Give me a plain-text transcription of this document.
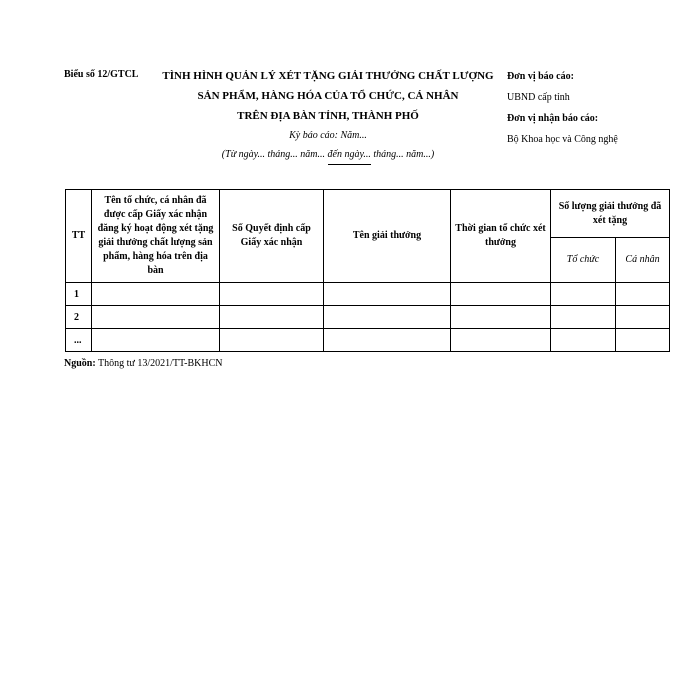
Biểu số 12/GTCL	TÌNH HÌNH QUẢN LÝ XÉT TẶNG GIẢI THƯỞNG CHẤT LƯỢNG
SẢN PHẨM, HÀNG HÓA CỦA TỔ CHỨC, CÁ NHÂN
TRÊN ĐỊA BÀN TỈNH, THÀNH PHỐ
Kỳ báo cáo: Năm...
(Từ ngày... tháng... năm... đến ngày... tháng... năm...)
Đơn vị báo cáo:
UBND cấp tỉnh
Đơn vị nhận báo cáo:
Bộ Khoa học và Công nghệ
TT	Tên tổ chức, cá nhân đã được cấp Giấy xác nhận đăng ký hoạt động xét tặng giải thưởng chất lượng sản phẩm, hàng hóa trên địa bàn	Số Quyết định cấp Giấy xác nhận	Tên giải thưởng	Thời gian tổ chức xét thưởng	Số lượng giải thưởng đã xét tặng	
					Tổ chức	Cá nhân
1						
2						
...						
Nguồn: Thông tư 13/2021/TT-BKHCN
